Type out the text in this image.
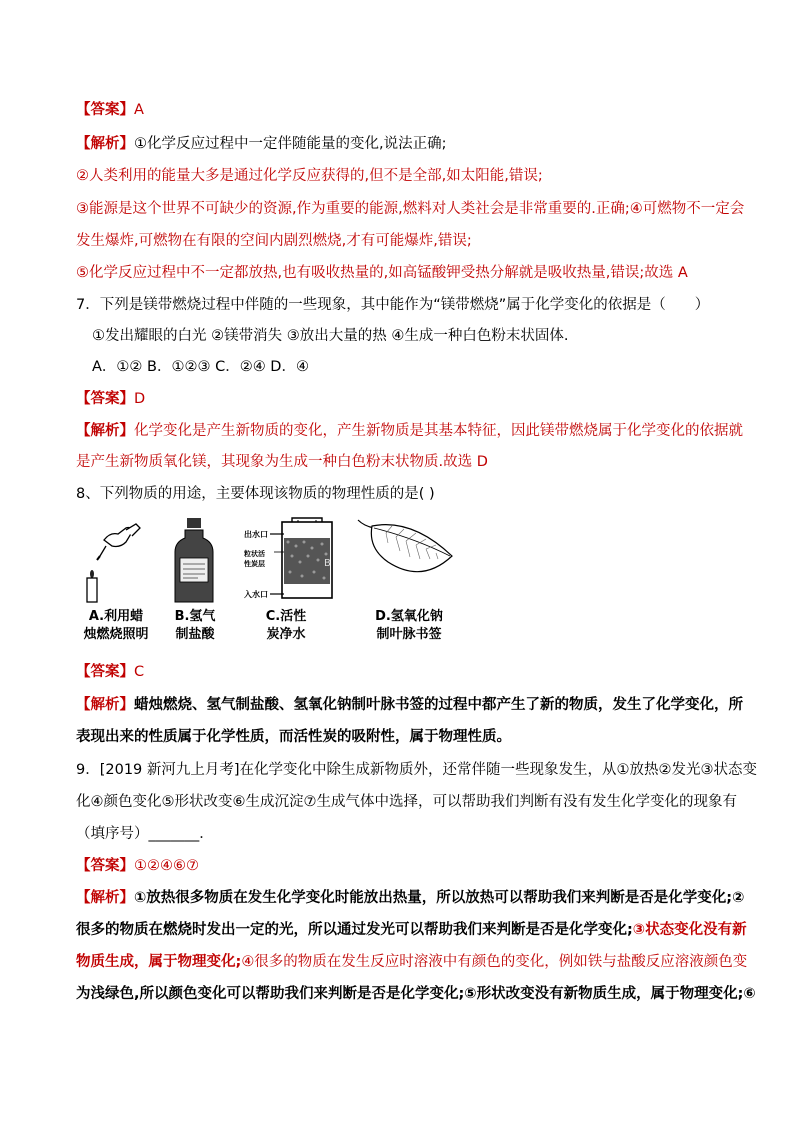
【答案】A
【解析】①化学反应过程中一定伴随能量的变化,说法正确;
②人类利用的能量大多是通过化学反应获得的,但不是全部,如太阳能,错误;
③能源是这个世界不可缺少的资源,作为重要的能源,燃料对人类社会是非常重要的.正确;④可燃物不一定会
发生爆炸,可燃物在有限的空间内剧烈燃烧,才有可能爆炸,错误;
⑤化学反应过程中不一定都放热,也有吸收热量的,如高锰酸钾受热分解就是吸收热量,错误;故选 A
7．下列是镁带燃烧过程中伴随的一些现象，其中能作为“镁带燃烧”属于化学变化的依据是（　　）
①发出耀眼的白光 ②镁带消失 ③放出大量的热 ④生成一种白色粉末状固体.
A．①② B．①②③ C．②④ D．④
【答案】D
【解析】化学变化是产生新物质的变化，产生新物质是其基本特征，因此镁带燃烧属于化学变化的依据就
是产生新物质氧化镁，其现象为生成一种白色粉末状物质.故选 D
8、下列物质的用途，主要体现该物质的物理性质的是( )
A.利用蜡
烛燃烧照明
B.氢气
制盐酸
B
出水口
粒状活
性炭层
入水口
C.活性
炭净水
D.氢氧化钠
制叶脉书签
【答案】C
【解析】蜡烛燃烧、氢气制盐酸、氢氧化钠制叶脉书签的过程中都产生了新的物质，发生了化学变化，所
表现出来的性质属于化学性质，而活性炭的吸附性，属于物理性质。
9．[2019 新河九上月考]在化学变化中除生成新物质外，还常伴随一些现象发生，从①放热②发光③状态变
化④颜色变化⑤形状改变⑥生成沉淀⑦生成气体中选择，可以帮助我们判断有没有发生化学变化的现象有
（填序号）_______．
【答案】①②④⑥⑦
【解析】①放热很多物质在发生化学变化时能放出热量，所以放热可以帮助我们来判断是否是化学变化;②
很多的物质在燃烧时发出一定的光，所以通过发光可以帮助我们来判断是否是化学变化;③状态变化没有新
物质生成，属于物理变化;④很多的物质在发生反应时溶液中有颜色的变化，例如铁与盐酸反应溶液颜色变
为浅绿色,所以颜色变化可以帮助我们来判断是否是化学变化;⑤形状改变没有新物质生成，属于物理变化;⑥
